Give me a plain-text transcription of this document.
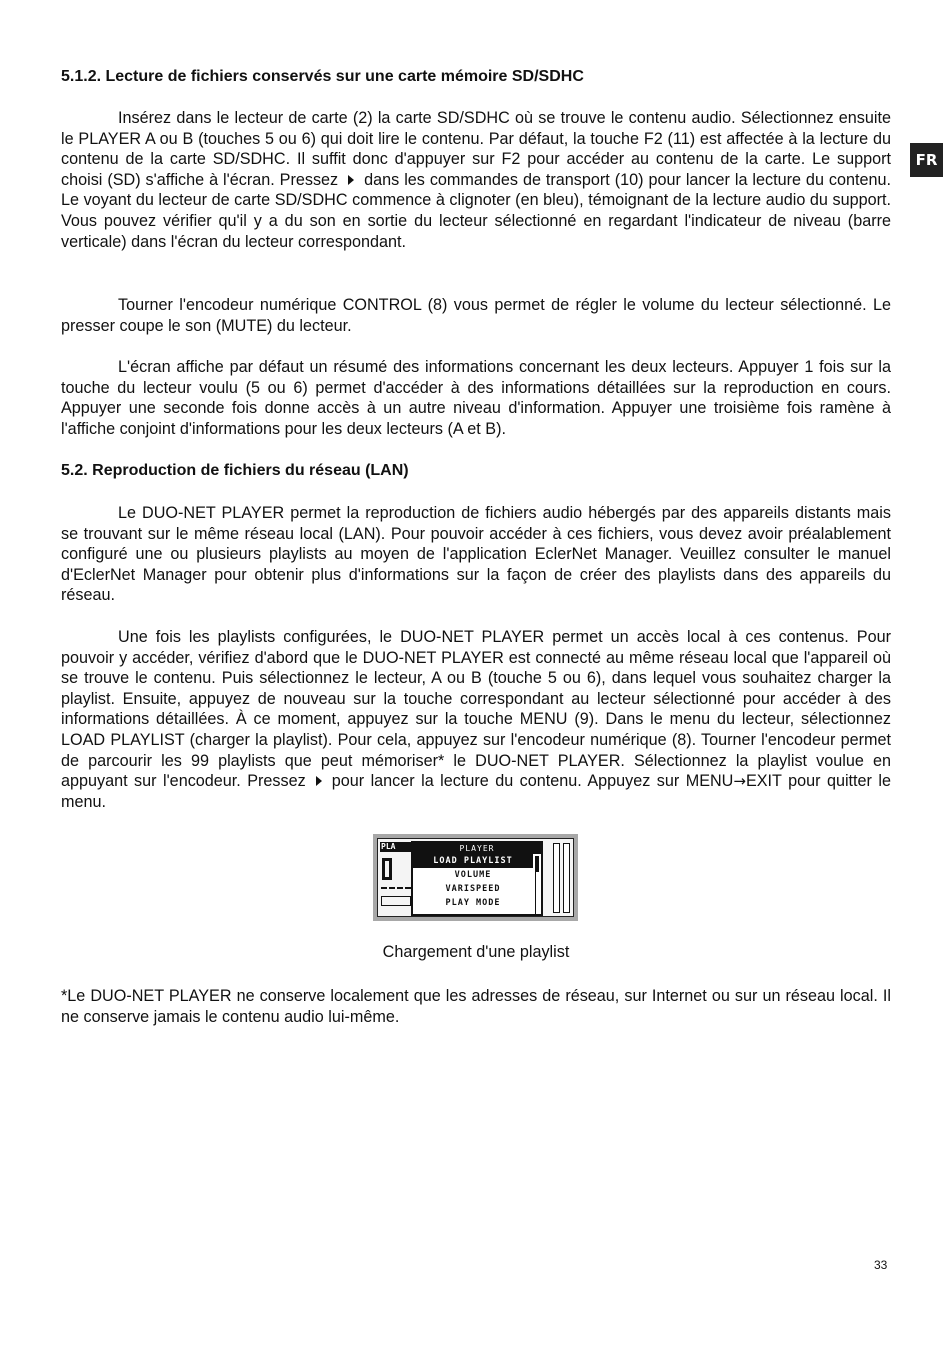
FR
5.1.2. Lecture de fichiers conservés sur une carte mémoire SD/SDHC

Insérez dans le lecteur de carte (2) la carte SD/SDHC où se trouve le contenu audio. Sélectionnez ensuite le PLAYER A ou B (touches 5 ou 6) qui doit lire le contenu. Par défaut, la touche F2 (11) est affectée à la lecture du contenu de la carte SD/SDHC. Il suffit donc d'appuyer sur F2 pour accéder au contenu de la carte. Le support choisi (SD) s'affiche à l'écran. Pressez dans les commandes de transport (10) pour lancer la lecture du contenu. Le voyant du lecteur de carte SD/SDHC commence à clignoter (en bleu), témoignant de la lecture audio du support. Vous pouvez vérifier qu'il y a du son en sortie du lecteur sélectionné en regardant l'indicateur de niveau (barre verticale) dans l'écran du lecteur correspondant.

Tourner l'encodeur numérique CONTROL (8) vous permet de régler le volume du lecteur sélectionné. Le presser coupe le son (MUTE) du lecteur.

L'écran affiche par défaut un résumé des informations concernant les deux lecteurs. Appuyer 1 fois sur la touche du lecteur voulu (5 ou 6) permet d'accéder à des informations détaillées sur la reproduction en cours. Appuyer une seconde fois donne accès à un autre niveau d'information. Appuyer une troisième fois ramène à l'affiche conjoint d'informations pour les deux lecteurs (A et B).

5.2. Reproduction de fichiers du réseau (LAN)

Le DUO-NET PLAYER permet la reproduction de fichiers audio hébergés par des appareils distants mais se trouvant sur le même réseau local (LAN). Pour pouvoir accéder à ces fichiers, vous devez avoir préalablement configuré une ou plusieurs playlists au moyen de l'application EclerNet Manager. Veuillez consulter le manuel d'EclerNet Manager pour obtenir plus d'informations sur la façon de créer des playlists dans des appareils du réseau.

Une fois les playlists configurées, le DUO-NET PLAYER permet un accès local à ces contenus. Pour pouvoir y accéder, vérifiez d'abord que le DUO-NET PLAYER est connecté au même réseau local que l'appareil où se trouve le contenu. Puis sélectionnez le lecteur, A ou B (touche 5 ou 6), dans lequel vous souhaitez charger la playlist. Ensuite, appuyez de nouveau sur la touche correspondant au lecteur sélectionné pour accéder à des informations détaillées. À ce moment, appuyez sur la touche MENU (9). Dans le menu du lecteur, sélectionnez LOAD PLAYLIST (charger la playlist). Pour cela, appuyez sur l'encodeur numérique (8). Tourner l'encodeur permet de parcourir les 99 playlists que peut mémoriser* le DUO-NET PLAYER. Sélectionnez la playlist voulue en appuyant sur l'encodeur. Pressez pour lancer la lecture du contenu. Appuyez sur MENU→EXIT pour quitter le menu.

Chargement d'une playlist

*Le DUO-NET PLAYER ne conserve localement que les adresses de réseau, sur Internet ou sur un réseau local. Il ne conserve jamais le contenu audio lui-même.

PLA	PLAYER
LOAD PLAYLIST
VOLUME
VARISPEED
PLAY MODE
33
